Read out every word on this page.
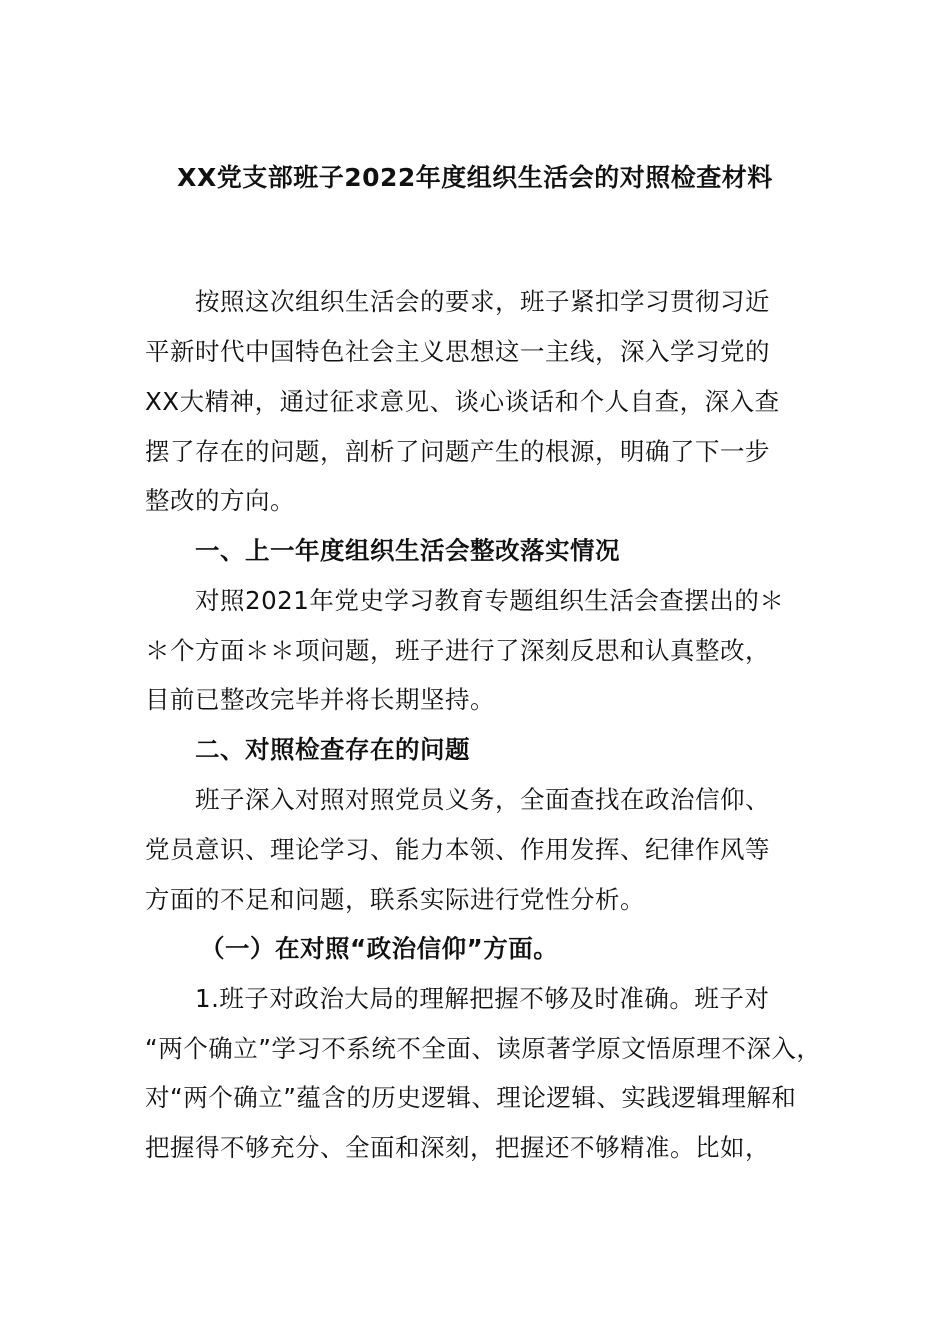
XX党支部班子2022年度组织生活会的对照检查材料
按照这次组织生活会的要求，班子紧扣学习贯彻习近
平新时代中国特色社会主义思想这一主线，深入学习党的
XX大精神，通过征求意见、谈心谈话和个人自查，深入查
摆了存在的问题，剖析了问题产生的根源，明确了下一步
整改的方向。
一、上一年度组织生活会整改落实情况
对照2021年党史学习教育专题组织生活会查摆出的＊
＊个方面＊＊项问题，班子进行了深刻反思和认真整改，
目前已整改完毕并将长期坚持。
二、对照检查存在的问题
班子深入对照对照党员义务，全面查找在政治信仰、
党员意识、理论学习、能力本领、作用发挥、纪律作风等
方面的不足和问题，联系实际进行党性分析。
（一）在对照“政治信仰”方面。
1.班子对政治大局的理解把握不够及时准确。班子对
“两个确立”学习不系统不全面、读原著学原文悟原理不深入，
对“两个确立”蕴含的历史逻辑、理论逻辑、实践逻辑理解和
把握得不够充分、全面和深刻，把握还不够精准。比如，
